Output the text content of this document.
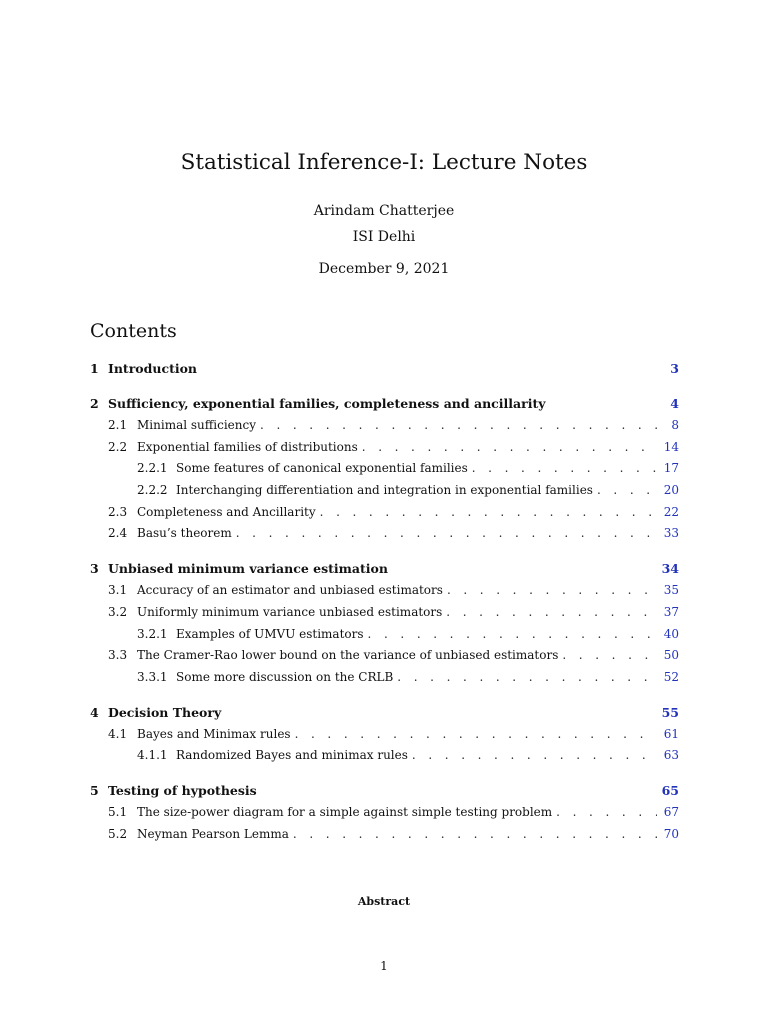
Statistical Inference-I: Lecture Notes
Arindam Chatterjee
ISI Delhi
December 9, 2021
Contents
1 Introduction	3
2 Sufficiency, exponential families, completeness and ancillarity	4
2.1 Minimal sufficiency . . .	8
2.2 Exponential families of distributions . . .	14
2.2.1 Some features of canonical exponential families . . .	17
2.2.2 Interchanging differentiation and integration in exponential families . . .	20
2.3 Completeness and Ancillarity . . .	22
2.4 Basu’s theorem . . .	33
3 Unbiased minimum variance estimation	34
3.1 Accuracy of an estimator and unbiased estimators . . .	35
3.2 Uniformly minimum variance unbiased estimators . . .	37
3.2.1 Examples of UMVU estimators . . .	40
3.3 The Cramer-Rao lower bound on the variance of unbiased estimators . . .	50
3.3.1 Some more discussion on the CRLB . . .	52
4 Decision Theory	55
4.1 Bayes and Minimax rules . . .	61
4.1.1 Randomized Bayes and minimax rules . . .	63
5 Testing of hypothesis	65
5.1 The size-power diagram for a simple against simple testing problem . . .	67
5.2 Neyman Pearson Lemma . . .	70
Abstract
1
